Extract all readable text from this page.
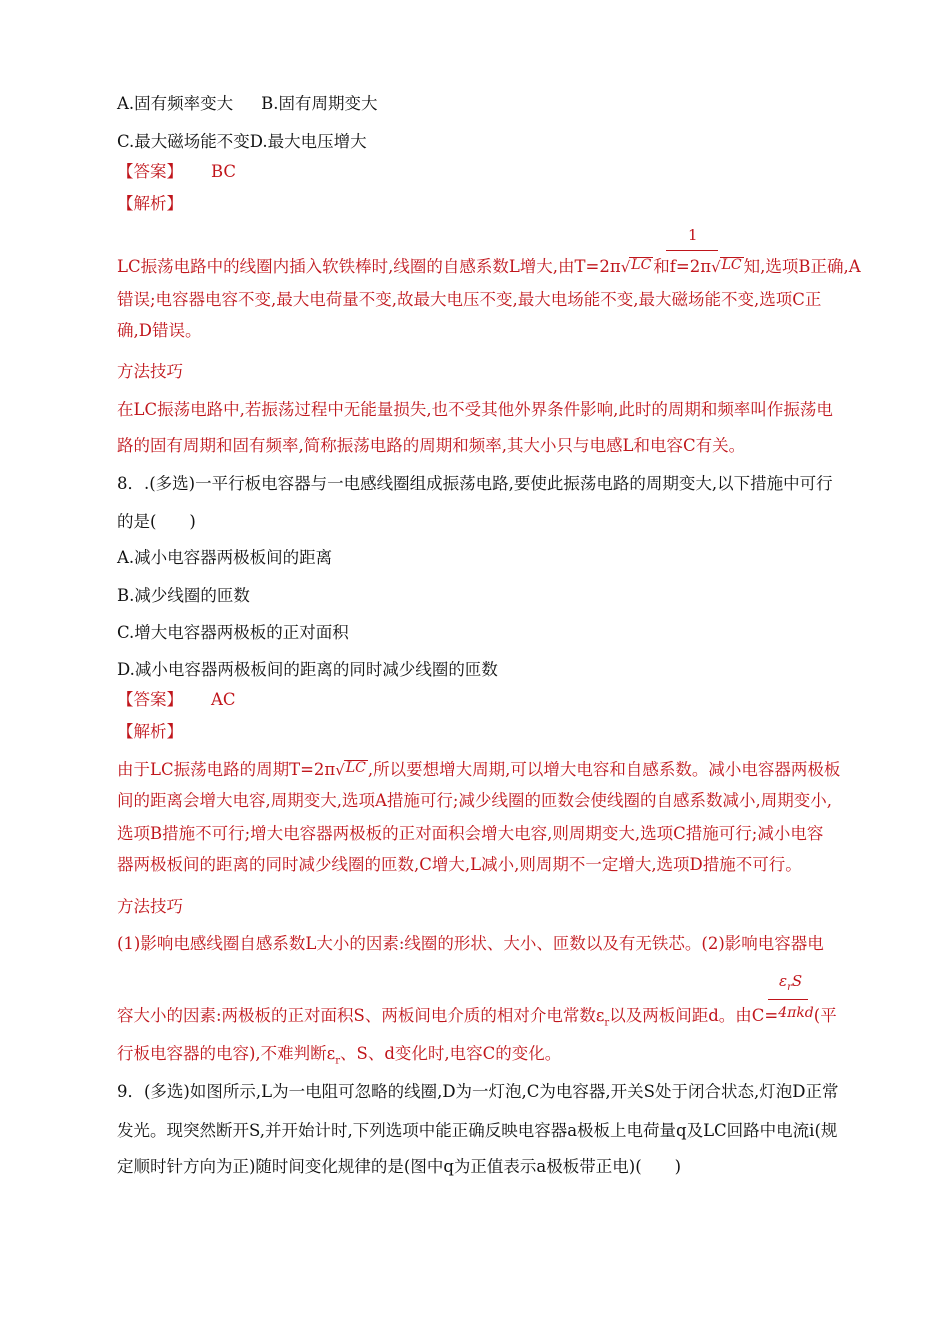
A.固有频率变大 B.固有周期变大
C.最大磁场能不变D.最大电压增大
【答案】 BC
【解析】
1
LC振荡电路中的线圈内插入软铁棒时,线圈的自感系数L增大,由T=2π√LC 和f=2π√LC 知,选项B正确,A
错误;电容器电容不变,最大电荷量不变,故最大电压不变,最大电场能不变,最大磁场能不变,选项C正
确,D错误。
方法技巧
在LC振荡电路中,若振荡过程中无能量损失,也不受其他外界条件影响,此时的周期和频率叫作振荡电
路的固有周期和固有频率,简称振荡电路的周期和频率,其大小只与电感L和电容C有关。
8．.(多选)一平行板电容器与一电感线圈组成振荡电路,要使此振荡电路的周期变大,以下措施中可行
的是(　　)
A.减小电容器两极板间的距离
B.减少线圈的匝数
C.增大电容器两极板的正对面积
D.减小电容器两极板间的距离的同时减少线圈的匝数
【答案】 AC
【解析】
由于LC振荡电路的周期T=2π√LC ,所以要想增大周期,可以增大电容和自感系数。减小电容器两极板
间的距离会增大电容,周期变大,选项A措施可行;减少线圈的匝数会使线圈的自感系数减小,周期变小,
选项B措施不可行;增大电容器两极板的正对面积会增大电容,则周期变大,选项C措施可行;减小电容
器两极板间的距离的同时减少线圈的匝数,C增大,L减小,则周期不一定增大,选项D措施不可行。
方法技巧
(1)影响电感线圈自感系数L大小的因素:线圈的形状、大小、匝数以及有无铁芯。(2)影响电容器电
$\varepsilon_rS$
容大小的因素:两极板的正对面积S、两板间电介质的相对介电常数$\varepsilon_r$以及两板间距d。由C=$^{4\pi kd}$(平
行板电容器的电容),不难判断$\varepsilon_r$、S、d变化时,电容C的变化。
9．(多选)如图所示,L为一电阻可忽略的线圈,D为一灯泡,C为电容器,开关S处于闭合状态,灯泡D正常
发光。现突然断开S,并开始计时,下列选项中能正确反映电容器a极板上电荷量q及LC回路中电流i(规
定顺时针方向为正)随时间变化规律的是(图中q为正值表示a极板带正电)(　　)
